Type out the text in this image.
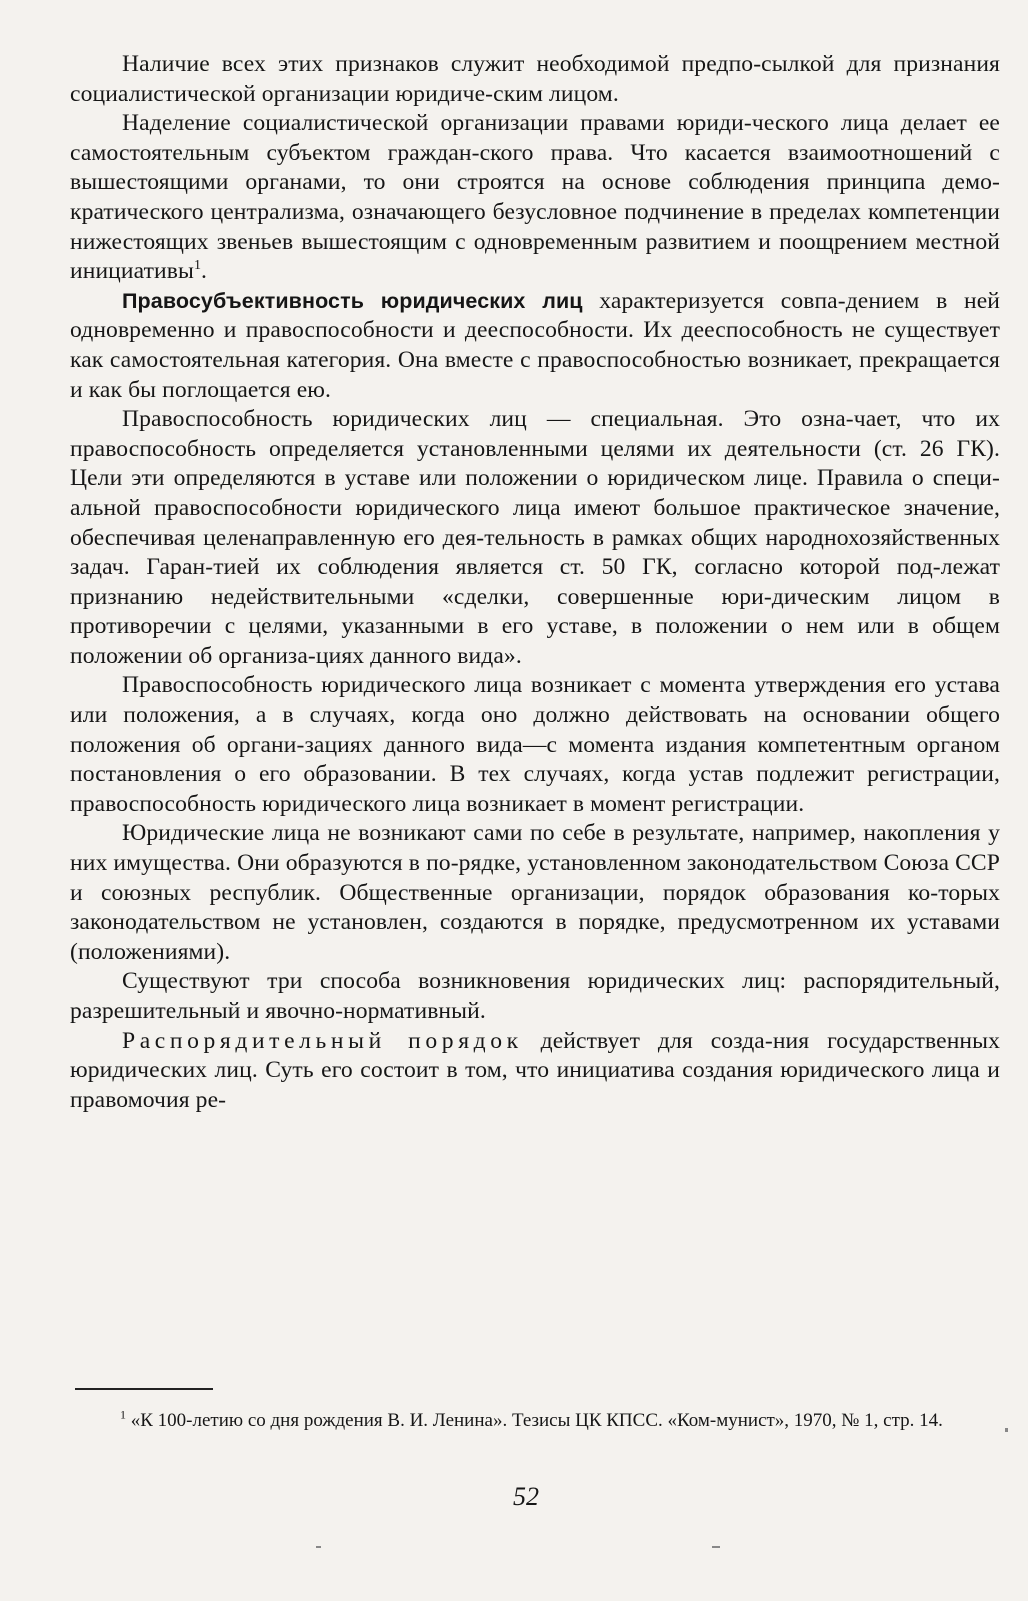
Наличие всех этих признаков служит необходимой предпо-сылкой для признания социалистической организации юридиче-ским лицом.

Наделение социалистической организации правами юриди-ческого лица делает ее самостоятельным субъектом граждан-ского права. Что касается взаимоотношений с вышестоящими органами, то они строятся на основе соблюдения принципа демо-кратического централизма, означающего безусловное подчинение в пределах компетенции нижестоящих звеньев вышестоящим с одновременным развитием и поощрением местной инициативы$^1$.

Правосубъективность юридических лиц характеризуется совпа-дением в ней одновременно и правоспособности и дееспособности. Их дееспособность не существует как самостоятельная категория. Она вместе с правоспособностью возникает, прекращается и как бы поглощается ею.

Правоспособность юридических лиц — специальная. Это озна-чает, что их правоспособность определяется установленными целями их деятельности (ст. 26 ГК). Цели эти определяются в уставе или положении о юридическом лице. Правила о специ-альной правоспособности юридического лица имеют большое практическое значение, обеспечивая целенаправленную его дея-тельность в рамках общих народнохозяйственных задач. Гаран-тией их соблюдения является ст. 50 ГК, согласно которой под-лежат признанию недействительными «сделки, совершенные юри-дическим лицом в противоречии с целями, указанными в его уставе, в положении о нем или в общем положении об организа-циях данного вида».

Правоспособность юридического лица возникает с момента утверждения его устава или положения, а в случаях, когда оно должно действовать на основании общего положения об органи-зациях данного вида—с момента издания компетентным органом постановления о его образовании. В тех случаях, когда устав подлежит регистрации, правоспособность юридического лица возникает в момент регистрации.

Юридические лица не возникают сами по себе в результате, например, накопления у них имущества. Они образуются в по-рядке, установленном законодательством Союза ССР и союзных республик. Общественные организации, порядок образования ко-торых законодательством не установлен, создаются в порядке, предусмотренном их уставами (положениями).

Существуют три способа возникновения юридических лиц: распорядительный, разрешительный и явочно-нормативный.

Распорядительный порядок действует для созда-ния государственных юридических лиц. Суть его состоит в том, что инициатива создания юридического лица и правомочия ре-

$^1$ «К 100-летию со дня рождения В. И. Ленина». Тезисы ЦК КПСС. «Ком-мунист», 1970, № 1, стр. 14.

52
